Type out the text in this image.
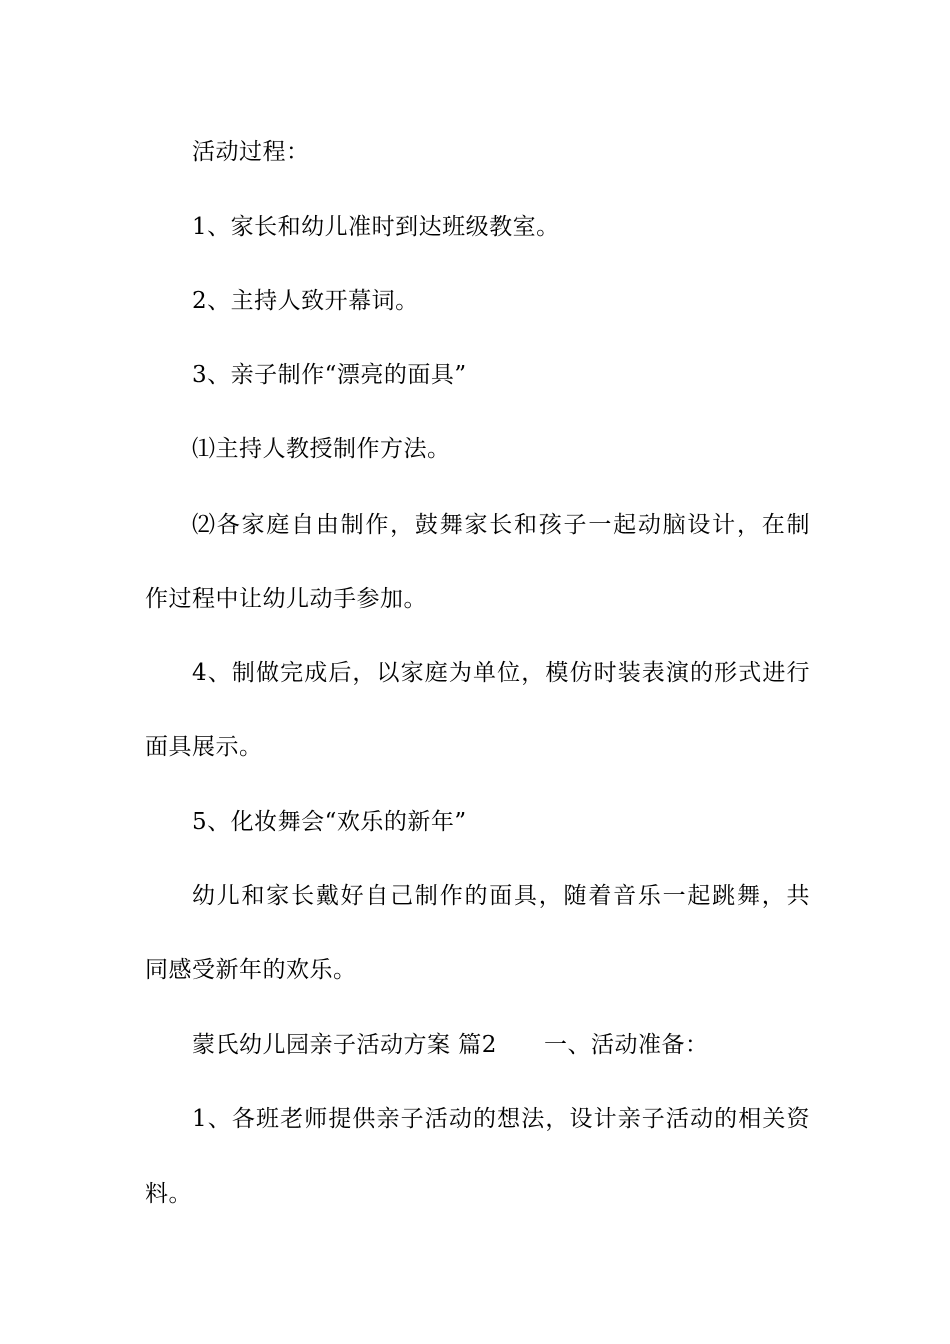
活动过程：
1、家长和幼儿准时到达班级教室。
2、主持人致开幕词。
3、亲子制作“漂亮的面具”
⑴主持人教授制作方法。
⑵各家庭自由制作，鼓舞家长和孩子一起动脑设计，在制
作过程中让幼儿动手参加。
4、制做完成后，以家庭为单位，模仿时装表演的形式进行
面具展示。
5、化妆舞会“欢乐的新年”
幼儿和家长戴好自己制作的面具，随着音乐一起跳舞，共
同感受新年的欢乐。
蒙氏幼儿园亲子活动方案 篇2　　一、活动准备：
1、各班老师提供亲子活动的想法，设计亲子活动的相关资
料。
